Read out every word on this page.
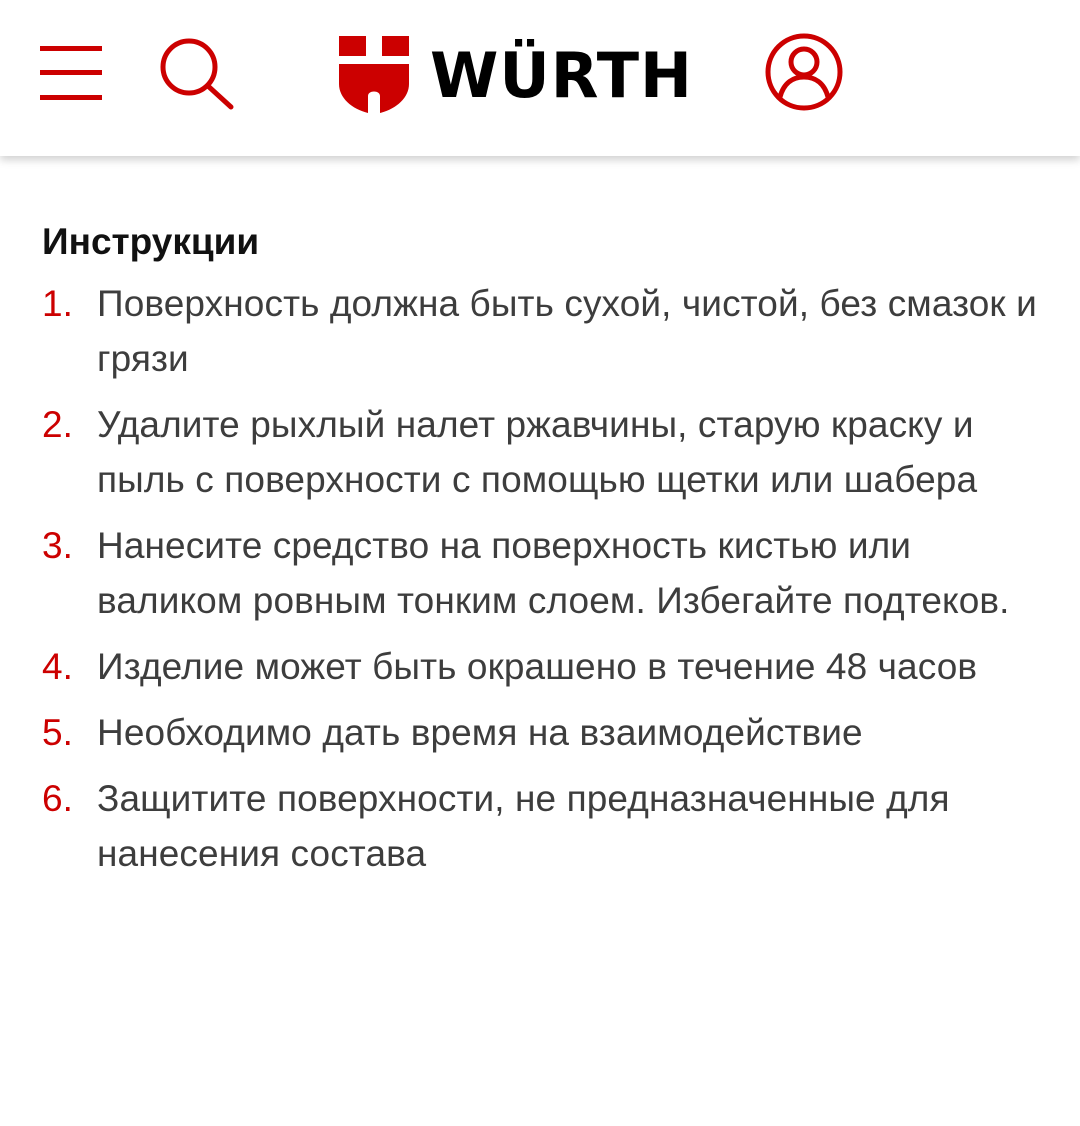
WÜRTH
Инструкции
1. Поверхность должна быть сухой, чистой, без смазок и грязи
2. Удалите рыхлый налет ржавчины, старую краску и пыль с поверхности с помощью щетки или шабера
3. Нанесите средство на поверхность кистью или валиком ровным тонким слоем. Избегайте подтеков.
4. Изделие может быть окрашено в течение 48 часов
5. Необходимо дать время на взаимодействие
6. Защитите поверхности, не предназначенные для нанесения состава
